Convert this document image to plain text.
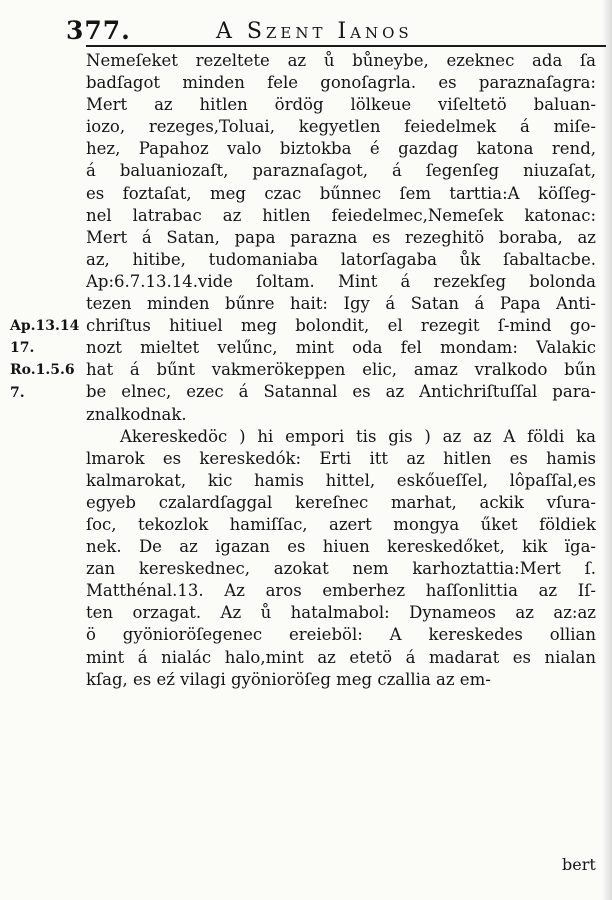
377.	A Szent Ianos
Nemeſeket rezeltete az ů bůneybe, ezeknec ada ſa
badſagot minden fele gonoſagrla. es paraznaſagra:
Mert az hitlen ördög lölkeue viſeltetö baluan-
iozo, rezeges,Toluai, kegyetlen feiedelmek á miſe-
hez, Papahoz valo biztokba é gazdag katona rend,
á baluaniozaſt, paraznaſagot, á ſegenſeg niuzaſat,
es foztaſat, meg czac bűnnec ſem tarttia:A köſſeg-
nel latrabac az hitlen feiedelmec,Nemeſek katonac:
Mert á Satan, papa parazna es rezeghitö boraba, az
az, hitibe, tudomaniaba latorſagaba ůk ſabaltacbe.
Ap:6.7.13.14.vide ſoltam. Mint á rezekſeg bolonda
tezen minden bűnre hait: Igy á Satan á Papa Anti-
chriſtus hitiuel meg bolondit, el rezegit ſ-mind go-
nozt mieltet velűnc, mint oda fel mondam: Valakic
hat á bűnt vakmerökeppen elic, amaz vralkodo bűn
be elnec, ezec á Satannal es az Antichriſtuſſal para-
znalkodnak.
Akereskedöc ) hi empori tis gis ) az az A földi ka
lmarok es kereskedók: Erti itt az hitlen es hamis
kalmarokat, kic hamis hittel, eskőueſſel, lôpaſſal,es
egyeb czalardſaggal kereſnec marhat, ackik vſura-
ſoc, tekozlok hamiſſac, azert mongya űket földiek
nek. De az igazan es hiuen kereskedőket, kik ïga-
zan kereskednec, azokat nem karhoztattia:Mert ſ.
Matthénal.13. Az aros emberhez haſſonlittia az Iſ-
ten orzagat. Az ů hatalmabol: Dynameos az az:az
ö gyönioröſegenec ereieböl: A kereskedes ollian
mint á nialác halo,mint az etetö á madarat es nialan
kſag, es eź vilagi gyönioröſeg meg czallia az em-
Ap.13.14
17.
Ro.1.5.6
7.
bert
